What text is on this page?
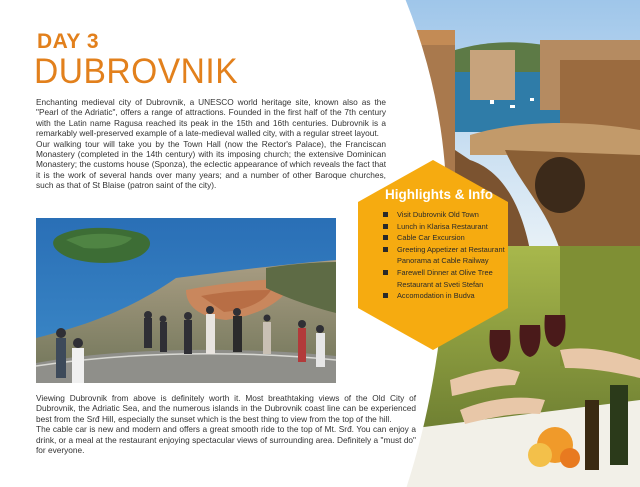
DAY 3
DUBROVNIK

Enchanting medieval city of Dubrovnik, a UNESCO world heritage site, known also as the "Pearl of the Adriatic", offers a range of attractions. Founded in the first half of the 7th century with the Latin name Ragusa reached its peak in the 15th and 16th centuries. Dubrovnik is a remarkably well-preserved example of a late-medieval walled city, with a regular street layout.

Our walking tour will take you by the Town Hall (now the Rector's Palace), the Franciscan Monastery (completed in the 14th century) with its imposing church; the extensive Dominican Monastery; the customs house (Sponza), the eclectic appearance of which reveals the fact that it is the work of several hands over many years; and a number of other Baroque churches, such as that of St Blaise (patron saint of the city).

Viewing Dubrovnik from above is definitely worth it. Most breathtaking views of the Old City of Dubrovnik, the Adriatic Sea, and the numerous islands in the Dubrovnik coast line can be experienced best from the Srđ Hill, especially the sunset which is the best thing to view from the top of the hill.

The cable car is new and modern and offers a great smooth ride to the top of Mt. Srđ. You can enjoy a drink, or a meal at the restaurant enjoying spectacular views of surrounding area. Definitely a "must do" for everyone.

Highlights & Info
Visit Dubrovnik Old Town
Lunch in Klarisa Restaurant
Cable Car Excursion
Greeting Appetizer at Restaurant
Panorama at Cable Railway
Farewell Dinner at Olive Tree
Restaurant at Sveti Stefan
Accomodation in Budva
